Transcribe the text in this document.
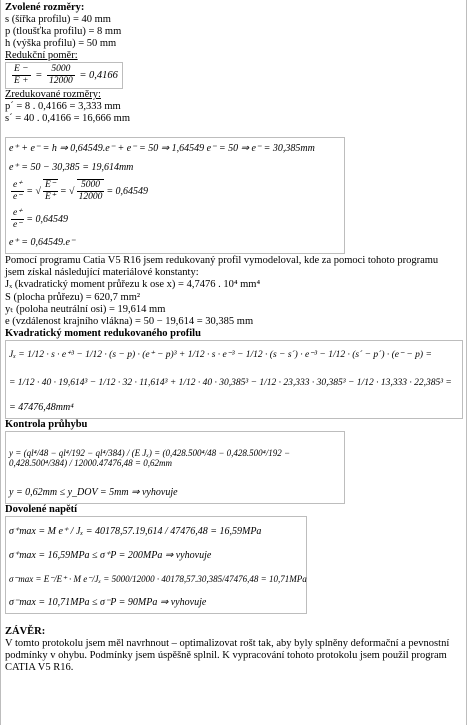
Zvolené rozměry:
s (šířka profilu) = 40 mm
p (tloušťka profilu) = 8 mm
h (výška profilu) = 50 mm
Redukční poměr:
$\frac{E -}{E +} = \frac{5000}{12000} = 0,4166$
Zredukované rozměry:
p´ = 8 . 0,4166 = 3,333 mm
s´ = 40 . 0,4166 = 16,666 mm
e⁺ + e⁻ = h ⇒ 0,64549.e⁻ + e⁻ = 50 ⇒ 1,64549 e⁻ = 50 ⇒ e⁻ = 30,385mm
e⁺ = 50 − 30,385 = 19,614mm
$\frac{e^+}{e^-}$ = √ $\frac{E^-}{E^+}$ = √ $\frac{5000}{12000} = 0,64549$
$\frac{e^+}{e^-} = 0,64549$
e⁺ = 0,64549.e⁻
Pomocí programu Catia V5 R16 jsem redukovaný profil vymodeloval, kde za pomoci tohoto programu jsem získal následující materiálové konstanty:
Jₓ (kvadratický moment průřezu k ose x) = 4,7476 . 10⁴ mm⁴
S (plocha průřezu) = 620,7 mm²
yₜ (poloha neutrální osi) = 19,614 mm
e (vzdálenost krajního vlákna) = 50 − 19,614 = 30,385 mm
Kvadratický moment redukovaného profilu
Jₓ = 1/12 · s · e⁺³ − 1/12 · (s − p) · (e⁺ − p)³ + 1/12 · s · e⁻³ − 1/12 · (s − s´) · e⁻³ − 1/12 · (s´ − p´) · (e⁻ − p) =
= 1/12 · 40 · 19,614³ − 1/12 · 32 · 11,614³ + 1/12 · 40 · 30,385³ − 1/12 · 23,333 · 30,385³ − 1/12 · 13,333 · 22,385³ =
= 47476,48mm⁴
Kontrola průhybu
y = (ql⁴/48 − ql⁴/192 − ql⁴/384) / (E Jₓ) = (0,428.500⁴/48 − 0,428.500⁴/192 − 0,428.500⁴/384) / 12000.47476,48 = 0,62mm
y = 0,62mm ≤ y_DOV = 5mm ⇒ vyhovuje
Dovolené napětí
σ⁺max = M e⁺ / Jₓ = 40178,57.19,614 / 47476,48 = 16,59MPa
σ⁺max = 16,59MPa ≤ σ⁺P = 200MPa ⇒ vyhovuje
σ⁻max = E⁻/E⁺ · M e⁻/Jₓ = 5000/12000 · 40178,57.30,385/47476,48 = 10,71MPa
σ⁻max = 10,71MPa ≤ σ⁻P = 90MPa ⇒ vyhovuje
ZÁVĚR:
V tomto protokolu jsem měl navrhnout – optimalizovat rošt tak, aby byly splněny deformační a pevnostní podmínky v ohybu. Podmínky jsem úspěšně splnil. K vypracování tohoto protokolu jsem použil program CATIA V5 R16.
